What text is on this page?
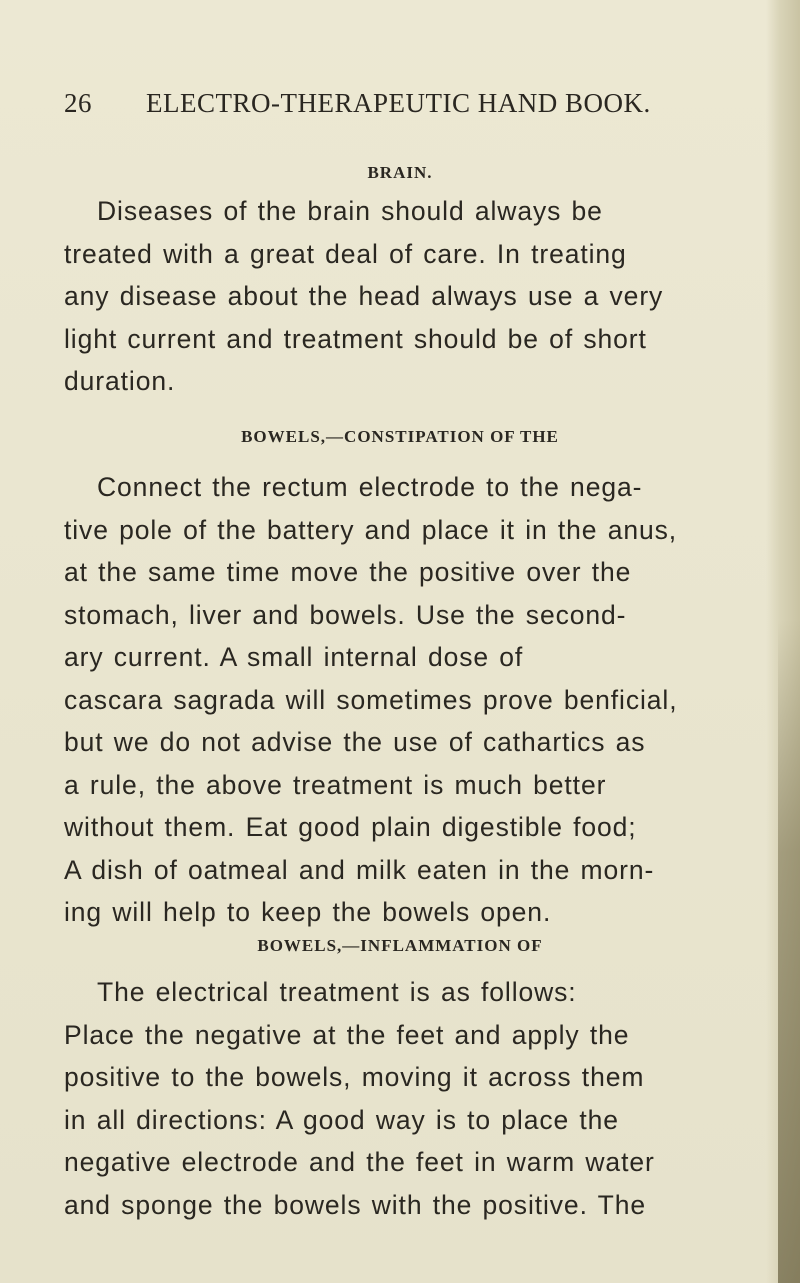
26 ELECTRO-THERAPEUTIC HAND BOOK.
BRAIN.
Diseases of the brain should always be
treated with a great deal of care. In treating
any disease about the head always use a very
light current and treatment should be of short
duration.
BOWELS,—CONSTIPATION OF THE
Connect the rectum electrode to the nega-
tive pole of the battery and place it in the anus,
at the same time move the positive over the
stomach, liver and bowels. Use the second-
ary current. A small internal dose of
cascara sagrada will sometimes prove benficial,
but we do not advise the use of cathartics as
a rule, the above treatment is much better
without them. Eat good plain digestible food;
A dish of oatmeal and milk eaten in the morn-
ing will help to keep the bowels open.
BOWELS,—INFLAMMATION OF
The electrical treatment is as follows:
Place the negative at the feet and apply the
positive to the bowels, moving it across them
in all directions: A good way is to place the
negative electrode and the feet in warm water
and sponge the bowels with the positive. The
